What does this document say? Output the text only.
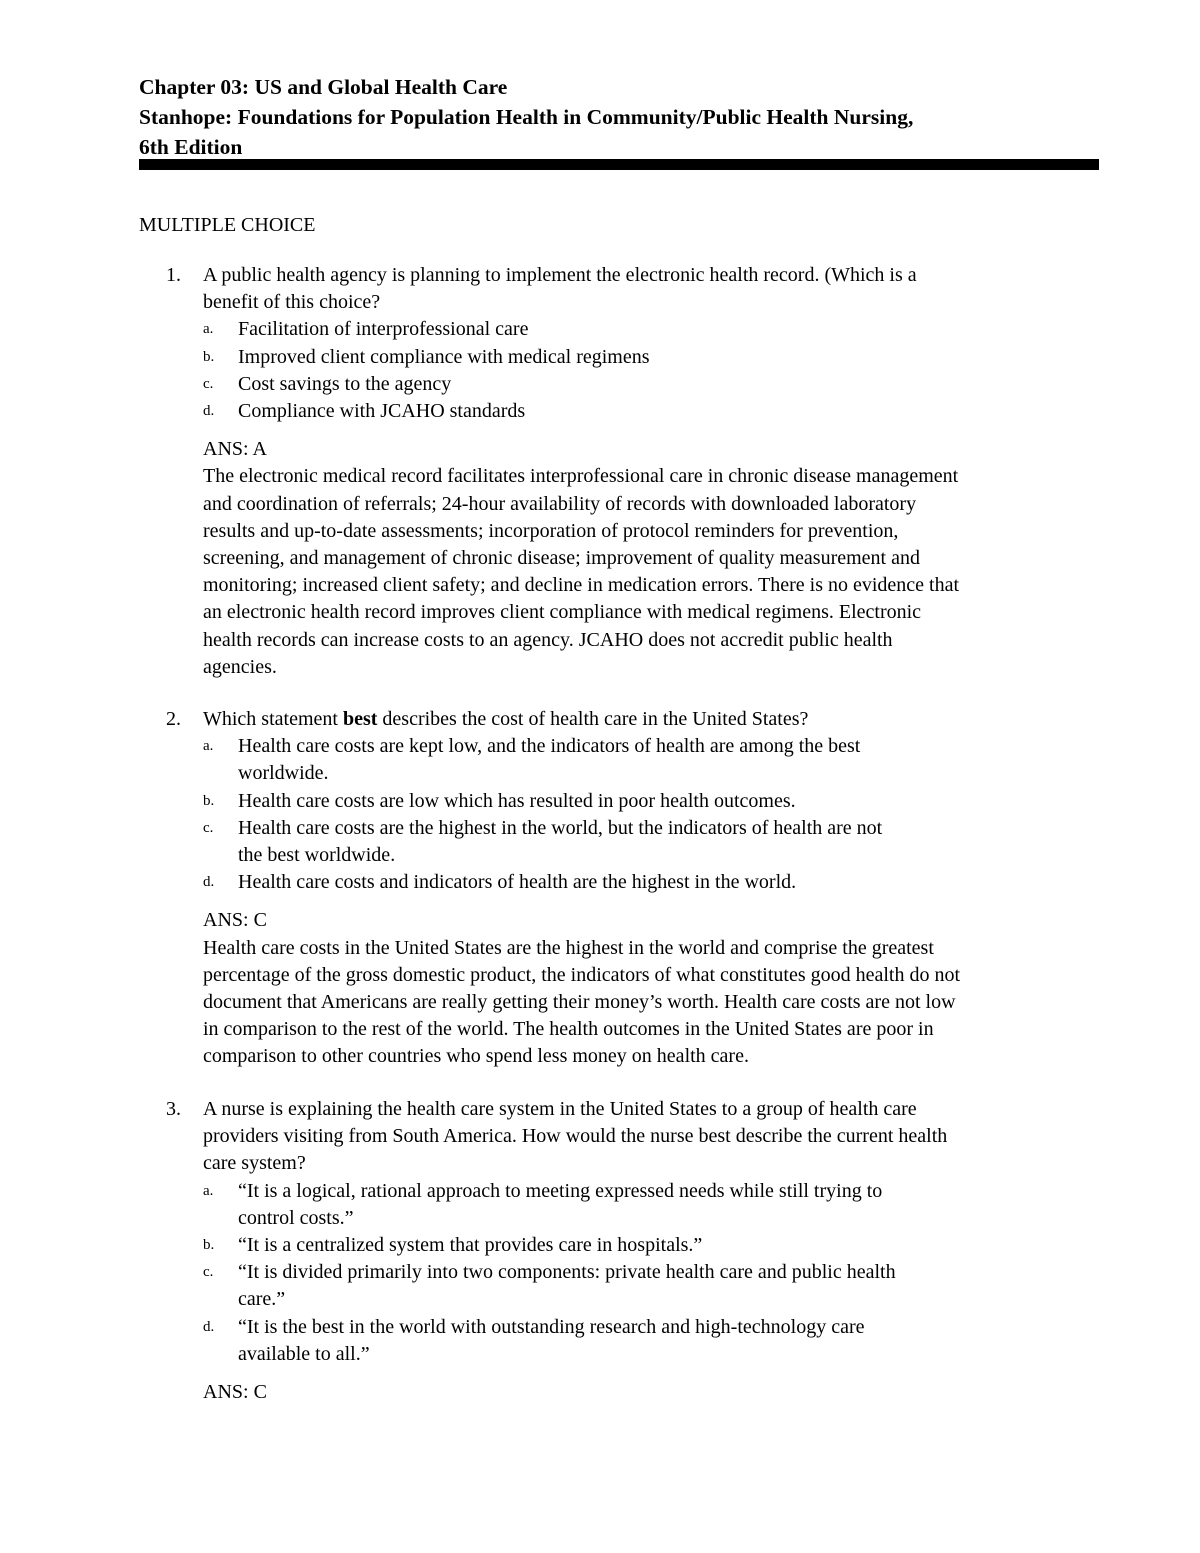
Chapter 03: US and Global Health Care
Stanhope: Foundations for Population Health in Community/Public Health Nursing,
6th Edition
MULTIPLE CHOICE
1. A public health agency is planning to implement the electronic health record. (Which is a
benefit of this choice?
a. Facilitation of interprofessional care
b. Improved client compliance with medical regimens
c. Cost savings to the agency
d. Compliance with JCAHO standards
ANS: A
The electronic medical record facilitates interprofessional care in chronic disease management
and coordination of referrals; 24-hour availability of records with downloaded laboratory
results and up-to-date assessments; incorporation of protocol reminders for prevention,
screening, and management of chronic disease; improvement of quality measurement and
monitoring; increased client safety; and decline in medication errors. There is no evidence that
an electronic health record improves client compliance with medical regimens. Electronic
health records can increase costs to an agency. JCAHO does not accredit public health
agencies.
2. Which statement best describes the cost of health care in the United States?
a. Health care costs are kept low, and the indicators of health are among the best
worldwide.
b. Health care costs are low which has resulted in poor health outcomes.
c. Health care costs are the highest in the world, but the indicators of health are not
the best worldwide.
d. Health care costs and indicators of health are the highest in the world.
ANS: C
Health care costs in the United States are the highest in the world and comprise the greatest
percentage of the gross domestic product, the indicators of what constitutes good health do not
document that Americans are really getting their money’s worth. Health care costs are not low
in comparison to the rest of the world. The health outcomes in the United States are poor in
comparison to other countries who spend less money on health care.
3. A nurse is explaining the health care system in the United States to a group of health care
providers visiting from South America. How would the nurse best describe the current health
care system?
a. “It is a logical, rational approach to meeting expressed needs while still trying to
control costs.”
b. “It is a centralized system that provides care in hospitals.”
c. “It is divided primarily into two components: private health care and public health
care.”
d. “It is the best in the world with outstanding research and high-technology care
available to all.”
ANS: C
